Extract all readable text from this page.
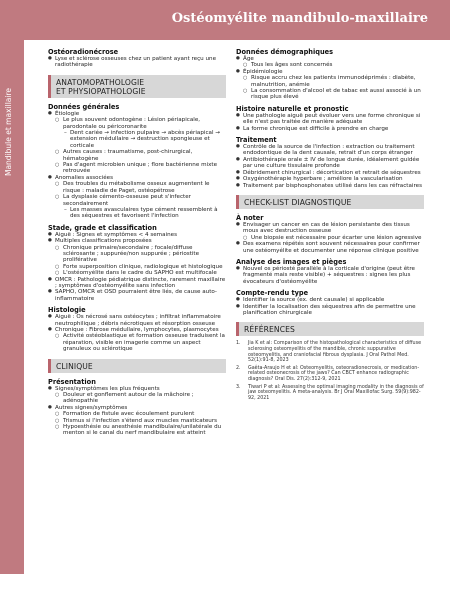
Ostéomyélite mandibulo-maxillaire
Mandibule et maxillaire
484
Ostéoradionécrose
● Lyse et sclérose osseuses chez un patient ayant reçu une radiothérapie
ANATOMOPATHOLOGIE
ET PHYSIOPATHOLOGIE
Données générales
● Étiologie
○ Le plus souvent odontogène : Lésion périapicale, parodontale ou péricoronarite
– Dent cariée → infection pulpaire → abcès périapical → extension médullaire → destruction spongieuse et corticale
○ Autres causes : traumatisme, post-chirurgical, hématogène
○ Pas d'agent microbien unique ; flore bactérienne mixte retrouvée
● Anomalies associées
○ Des troubles du métabolisme osseux augmentent le risque : maladie de Paget, ostéopétrose
○ La dysplasie cémento-osseuse peut s'infecter secondairement
– Les masses avasculaires type cément ressemblent à des séquestres et favorisent l'infection
Stade, grade et classification
● Aiguë : Signes et symptômes < 4 semaines
● Multiples classifications proposées
○ Chronique primaire/secondaire ; focale/diffuse sclérosante ; suppurée/non suppurée ; périostite proliférative
○ Forte superposition clinique, radiologique et histologique
○ L'ostéomyélite dans le cadre du SAPHO est multifocale
● OMCR : Pathologie pédiatrique distincte, rarement maxillaire ; symptômes d'ostéomyélite sans infection
● SAPHO, OMCR et OSD pourraient être liés, de cause auto-inflammatoire
Histologie
● Aiguë : Os nécrosé sans ostéocytes ; infiltrat inflammatoire neutrophilique ; débris nécrotiques et résorption osseuse
● Chronique : Fibrose médullaire, lymphocytes, plasmocytes
○ Activité ostéoblastique et formation osseuse traduisent la réparation, visible en imagerie comme un aspect granuleux ou sclérotique
CLINIQUE
Présentation
● Signes/symptômes les plus fréquents
○ Douleur et gonflement autour de la mâchoire ; adénopathie
● Autres signes/symptômes
○ Formation de fistule avec écoulement purulent
○ Trismus si l'infection s'étend aux muscles masticateurs
○ Hypoesthésie ou anesthésie mandibulaire/unilatérale du menton si le canal du nerf mandibulaire est atteint
Données démographiques
● Âge
○ Tous les âges sont concernés
● Épidémiologie
○ Risque accru chez les patients immunodéprimés : diabète, malnutrition, anémie
○ La consommation d'alcool et de tabac est aussi associé à un risque plus élevé
Histoire naturelle et pronostic
● Une pathologie aiguë peut évoluer vers une forme chronique si elle n'est pas traitée de manière adéquate
● La forme chronique est difficile à prendre en charge
Traitement
● Contrôle de la source de l'infection : extraction ou traitement endodontique de la dent causale, retrait d'un corps étranger
● Antibiothérapie orale ± IV de longue durée, idéalement guidée par une culture tissulaire profonde
● Débridement chirurgical : décortication et retrait de séquestres
● Oxygénothérapie hyperbare ; améliore la vascularisation
● Traitement par bisphosphonates utilisé dans les cas réfractaires
CHECK-LIST DIAGNOSTIQUE
À noter
● Envisager un cancer en cas de lésion persistante des tissus mous avec destruction osseuse
○ Une biopsie est nécessaire pour écarter une lésion agressive
● Des examens répétés sont souvent nécessaires pour confirmer une ostéomyélite et documenter une réponse clinique positive
Analyse des images et pièges
● Nouvel os périosté parallèle à la corticale d'origine (peut être fragmenté mais reste visible) + séquestres : signes les plus évocateurs d'ostéomyélite
Compte-rendu type
● Identifier la source (ex. dent causale) si applicable
● Identifier la localisation des séquestres afin de permettre une planification chirurgicale
RÉFÉRENCES
1. Jia K et al: Comparison of the histopathological characteristics of diffuse sclerosing osteomyelitis of the mandible, chronic suppurative osteomyelitis, and craniofacial fibrous dysplasia. J Oral Pathol Med. 52(1):91-8, 2023
2. Gaêta-Araujo H et al: Osteomyelitis, osteoradionecrosis, or medication-related osteonecrosis of the jaws? Can CBCT enhance radiographic diagnosis? Oral Dis. 27(2):312-9, 2021
3. Tiwari P et al: Assessing the optimal imaging modality in the diagnosis of jaw osteomyelitis. A meta-analysis. Br J Oral Maxillofac Surg. 59(9):982-92, 2021
